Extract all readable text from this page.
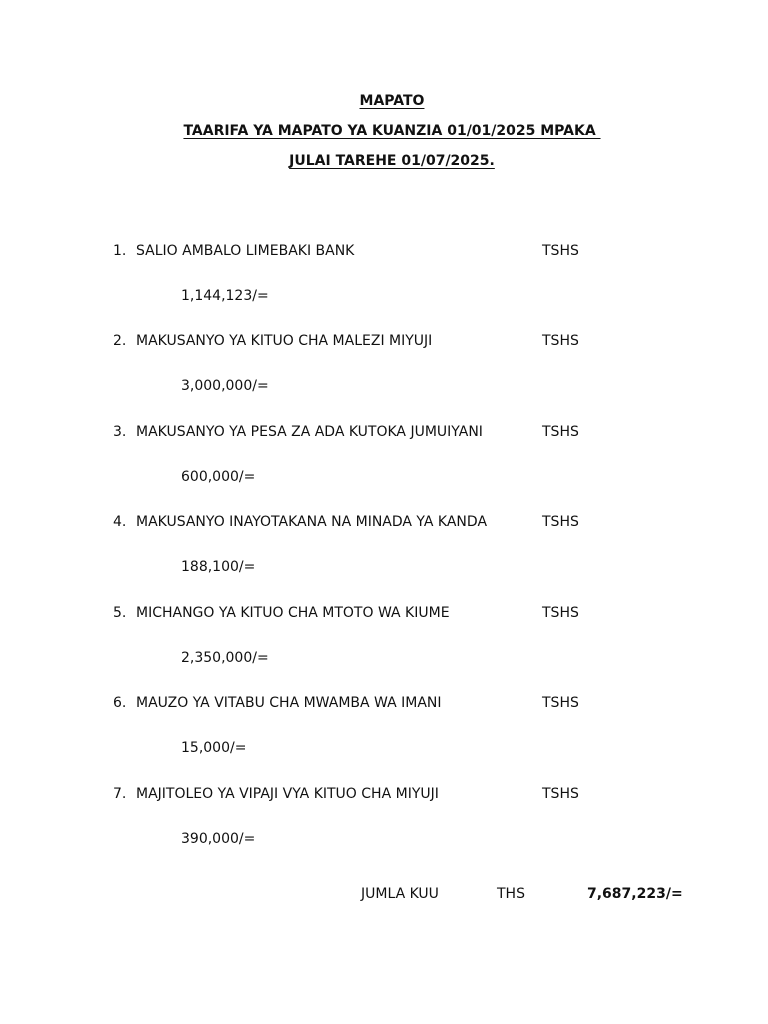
MAPATO
TAARIFA YA MAPATO YA KUANZIA 01/01/2025 MPAKA
JULAI TAREHE 01/07/2025.
1. SALIO AMBALO LIMEBAKI BANK	TSHS
1,144,123/=
2. MAKUSANYO YA KITUO CHA MALEZI MIYUJI	TSHS
3,000,000/=
3. MAKUSANYO YA PESA ZA ADA KUTOKA JUMUIYANI	TSHS
600,000/=
4. MAKUSANYO INAYOTAKANA NA MINADA YA KANDA	TSHS
188,100/=
5. MICHANGO YA KITUO CHA MTOTO WA KIUME	TSHS
2,350,000/=
6. MAUZO YA VITABU CHA MWAMBA WA IMANI	TSHS
15,000/=
7. MAJITOLEO YA VIPAJI VYA KITUO CHA MIYUJI	TSHS
390,000/=
JUMLA KUU	THS	7,687,223/=
